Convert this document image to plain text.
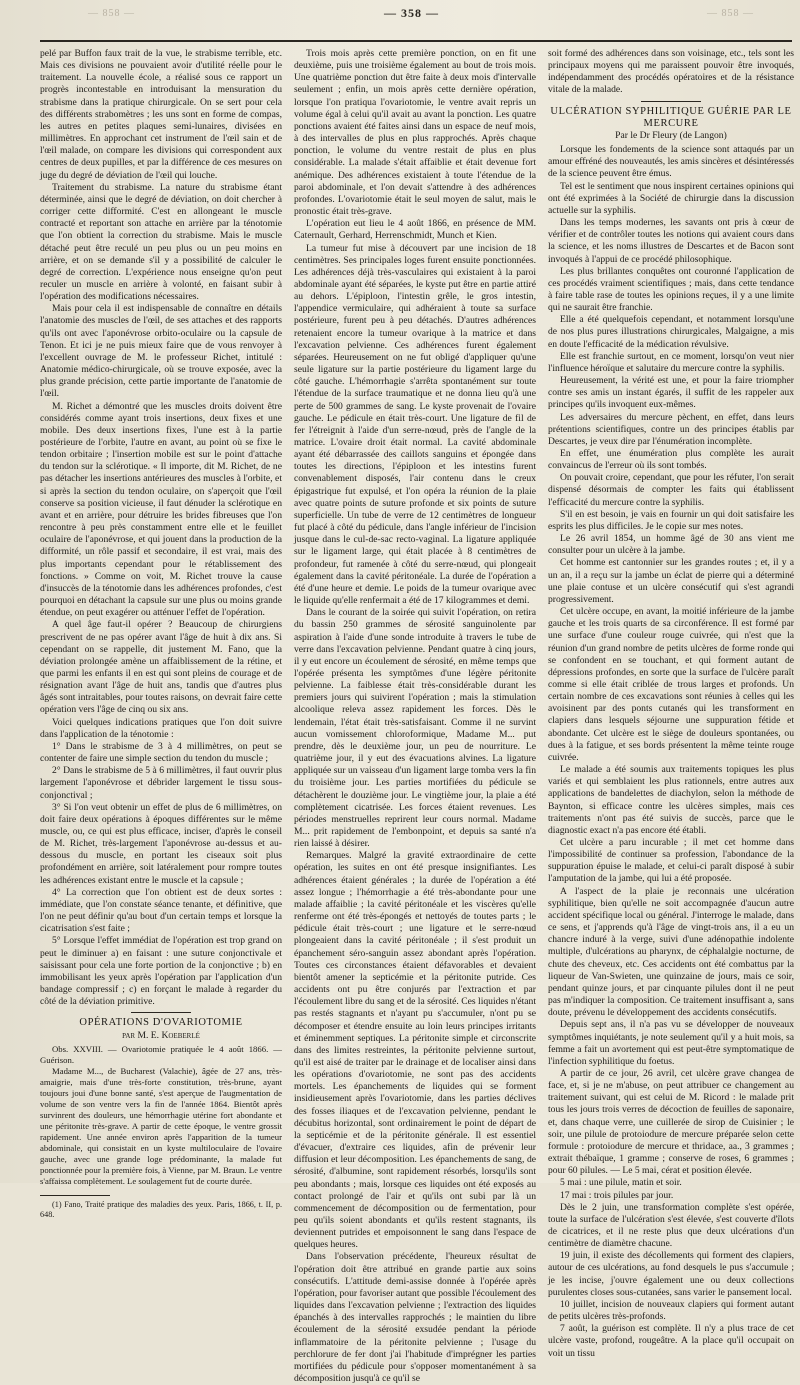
— 858 —	— 358 —	— 858 —

pelé par Buffon faux trait de la vue, le strabisme terrible, etc. Mais ces divisions ne pouvaient avoir d'utilité réelle pour le traitement. La nouvelle école, a réalisé sous ce rapport un progrès incontestable en introduisant la mensuration du strabisme dans la pratique chirurgicale. On se sert pour cela des différents strabomètres ; les uns sont en forme de compas, les autres en petites plaques semi-lunaires, divisées en millimètres. En approchant cet instrument de l'œil sain et de l'œil malade, on compare les divisions qui correspondent aux centres de deux pupilles, et par la différence de ces mesures on juge du degré de déviation de l'œil qui louche.

Traitement du strabisme. La nature du strabisme étant déterminée, ainsi que le degré de déviation, on doit chercher à corriger cette difformité. C'est en allongeant le muscle contracté et reportant son attache en arrière par la ténotomie que l'on obtient la correction du strabisme. Mais le muscle détaché peut être reculé un peu plus ou un peu moins en arrière, et on se demande s'il y a possibilité de calculer le degré de correction. L'expérience nous enseigne qu'on peut reculer un muscle en arrière à volonté, en faisant subir à l'opération des modifications nécessaires.

Mais pour cela il est indispensable de connaître en détails l'anatomie des muscles de l'œil, de ses attaches et des rapports qu'ils ont avec l'aponévrose orbito-oculaire ou la capsule de Tenon. Et ici je ne puis mieux faire que de vous renvoyer à l'excellent ouvrage de M. le professeur Richet, intitulé : Anatomie médico-chirurgicale, où se trouve exposée, avec la plus grande précision, cette partie importante de l'anatomie de l'œil.

M. Richet a démontré que les muscles droits doivent être considérés comme ayant trois insertions, deux fixes et une mobile. Des deux insertions fixes, l'une est à la partie postérieure de l'orbite, l'autre en avant, au point où se fixe le tendon orbitaire ; l'insertion mobile est sur le point d'attache du tendon sur la sclérotique. « Il importe, dit M. Richet, de ne pas détacher les insertions antérieures des muscles à l'orbite, et si après la section du tendon oculaire, on s'aperçoit que l'œil conserve sa position vicieuse, il faut dénuder la sclérotique en avant et en arrière, pour détruire les brides fibreuses que l'on rencontre à peu près constamment entre elle et le feuillet oculaire de l'aponévrose, et qui jouent dans la production de la difformité, un rôle passif et secondaire, il est vrai, mais des plus importants cependant pour le rétablissement des fonctions. » Comme on voit, M. Richet trouve la cause d'insuccès de la ténotomie dans les adhérences profondes, c'est pourquoi en détachant la capsule sur une plus ou moins grande étendue, on peut exagérer ou atténuer l'effet de l'opération.

A quel âge faut-il opérer ? Beaucoup de chirurgiens prescrivent de ne pas opérer avant l'âge de huit à dix ans. Si cependant on se rappelle, dit justement M. Fano, que la déviation prolongée amène un affaiblissement de la rétine, et que parmi les enfants il en est qui sont pleins de courage et de résignation avant l'âge de huit ans, tandis que d'autres plus âgés sont intraitables, pour toutes raisons, on devrait faire cette opération vers l'âge de cinq ou six ans.

Voici quelques indications pratiques que l'on doit suivre dans l'application de la ténotomie :

1° Dans le strabisme de 3 à 4 millimètres, on peut se contenter de faire une simple section du tendon du muscle ;

2° Dans le strabisme de 5 à 6 millimètres, il faut ouvrir plus largement l'aponévrose et débrider largement le tissu sous-conjonctival ;

3° Si l'on veut obtenir un effet de plus de 6 millimètres, on doit faire deux opérations à époques différentes sur le même muscle, ou, ce qui est plus efficace, inciser, d'après le conseil de M. Richet, très-largement l'aponévrose au-dessus et au-dessous du muscle, en portant les ciseaux soit plus profondément en arrière, soit latéralement pour rompre toutes les adhérences existant entre le muscle et la capsule ;

4° La correction que l'on obtient est de deux sortes : immédiate, que l'on constate séance tenante, et définitive, que l'on ne peut définir qu'au bout d'un certain temps et lorsque la cicatrisation s'est faite ;

5° Lorsque l'effet immédiat de l'opération est trop grand on peut le diminuer a) en faisant : une suture conjonctivale et saisissant pour cela une forte portion de la conjonctive ; b) en immobilisant les yeux après l'opération par l'application d'un bandage compressif ; c) en forçant le malade à regarder du côté de la déviation primitive.

OPÉRATIONS D'OVARIOTOMIE
par M. E. Koeberlé

Obs. XXVIII. — Ovariotomie pratiquée le 4 août 1866. — Guérison.

Madame M..., de Bucharest (Valachie), âgée de 27 ans, très-amaigrie, mais d'une très-forte constitution, très-brune, ayant toujours joui d'une bonne santé, s'est aperçue de l'augmentation de volume de son ventre vers la fin de l'année 1864. Bientôt après survinrent des douleurs, une hémorrhagie utérine fort abondante et une péritonite très-grave. A partir de cette époque, le ventre grossit rapidement. Une année environ après l'apparition de la tumeur abdominale, qui consistait en un kyste multiloculaire de l'ovaire gauche, avec une grande loge prédominante, la malade fut ponctionnée pour la première fois, à Vienne, par M. Braun. Le ventre s'affaissa complètement. Le soulagement fut de courte durée.

(1) Fano, Traité pratique des maladies des yeux. Paris, 1866, t. II, p. 648.

Trois mois après cette première ponction, on en fit une deuxième, puis une troisième également au bout de trois mois. Une quatrième ponction dut être faite à deux mois d'intervalle seulement ; enfin, un mois après cette dernière opération, lorsque l'on pratiqua l'ovariotomie, le ventre avait repris un volume égal à celui qu'il avait au avant la ponction. Les quatre ponctions avaient été faites ainsi dans un espace de neuf mois, à des intervalles de plus en plus rapprochés. Après chaque ponction, le volume du ventre restait de plus en plus considérable. La malade s'était affaiblie et était devenue fort anémique. Des adhérences existaient à toute l'étendue de la paroi abdominale, et l'on devait s'attendre à des adhérences profondes. L'ovariotomie était le seul moyen de salut, mais le pronostic était très-grave.

L'opération eut lieu le 4 août 1866, en présence de MM. Caternault, Gerhard, Herrenschmidt, Munch et Kien.

La tumeur fut mise à découvert par une incision de 18 centimètres. Ses principales loges furent ensuite ponctionnées. Les adhérences déjà très-vasculaires qui existaient à la paroi abdominale ayant été séparées, le kyste put être en partie attiré au dehors. L'épiploon, l'intestin grêle, le gros intestin, l'appendice vermiculaire, qui adhéraient à toute sa surface postérieure, furent peu à peu détachés. D'autres adhérences retenaient encore la tumeur ovarique à la matrice et dans l'excavation pelvienne. Ces adhérences furent également séparées. Heureusement on ne fut obligé d'appliquer qu'une seule ligature sur la partie postérieure du ligament large du côté gauche. L'hémorrhagie s'arrêta spontanément sur toute l'étendue de la surface traumatique et ne donna lieu qu'à une perte de 500 grammes de sang. Le kyste provenait de l'ovaire gauche. Le pédicule en était très-court. Une ligature de fil de fer l'étreignit à l'aide d'un serre-nœud, près de l'angle de la matrice. L'ovaire droit était normal. La cavité abdominale ayant été débarrassée des caillots sanguins et épongée dans toutes les directions, l'épiploon et les intestins furent convenablement disposés, l'air contenu dans le creux épigastrique fut expulsé, et l'on opéra la réunion de la plaie avec quatre points de suture profonde et six points de suture superficielle. Un tube de verre de 12 centimètres de longueur fut placé à côté du pédicule, dans l'angle inférieur de l'incision jusque dans le cul-de-sac recto-vaginal. La ligature appliquée sur le ligament large, qui était placée à 8 centimètres de profondeur, fut ramenée à côté du serre-nœud, qui plongeait également dans la cavité péritonéale. La durée de l'opération a été d'une heure et demie. Le poids de la tumeur ovarique avec le liquide qu'elle renfermait a été de 17 kilogrammes et demi.

Dans le courant de la soirée qui suivit l'opération, on retira du bassin 250 grammes de sérosité sanguinolente par aspiration à l'aide d'une sonde introduite à travers le tube de verre dans l'excavation pelvienne. Pendant quatre à cinq jours, il y eut encore un écoulement de sérosité, en même temps que l'opérée présenta les symptômes d'une légère péritonite pelvienne. La faiblesse était très-considérable durant les premiers jours qui suivirent l'opération ; mais la stimulation alcoolique releva assez rapidement les forces. Dès le lendemain, l'état était très-satisfaisant. Comme il ne survint aucun vomissement chloroformique, Madame M... put prendre, dès le deuxième jour, un peu de nourriture. Le quatrième jour, il y eut des évacuations alvines. La ligature appliquée sur un vaisseau d'un ligament large tomba vers la fin du troisième jour. Les parties mortifiées du pédicule se détachèrent le douzième jour. Le vingtième jour, la plaie a été complètement cicatrisée. Les forces étaient revenues. Les périodes menstruelles reprirent leur cours normal. Madame M... prit rapidement de l'embonpoint, et depuis sa santé n'a rien laissé à désirer.

Remarques. Malgré la gravité extraordinaire de cette opération, les suites en ont été presque insignifiantes. Les adhérences étaient générales ; la durée de l'opération a été assez longue ; l'hémorrhagie a été très-abondante pour une malade affaiblie ; la cavité péritonéale et les viscères qu'elle renferme ont été très-épongés et nettoyés de toutes parts ; le pédicule était très-court ; une ligature et le serre-nœud plongeaient dans la cavité péritonéale ; il s'est produit un épanchement séro-sanguin assez abondant après l'opération. Toutes ces circonstances étaient défavorables et devaient bientôt amener la septicémie et la péritonite putride. Ces accidents ont pu être conjurés par l'extraction et par l'écoulement libre du sang et de la sérosité. Ces liquides n'étant pas restés stagnants et n'ayant pu s'accumuler, n'ont pu se décomposer et étendre ensuite au loin leurs principes irritants et éminemment septiques. La péritonite simple et circonscrite dans des limites restreintes, la péritonite pelvienne surtout, qu'il est aisé de traiter par le drainage et de localiser ainsi dans les opérations d'ovariotomie, ne sont pas des accidents mortels. Les épanchements de liquides qui se forment insidieusement après l'ovariotomie, dans les parties déclives des fosses iliaques et de l'excavation pelvienne, pendant le décubitus horizontal, sont ordinairement le point de départ de la septicémie et de la péritonite générale. Il est essentiel d'évacuer, d'extraire ces liquides, afin de prévenir leur diffusion et leur décomposition. Les épanchements de sang, de sérosité, d'albumine, sont rapidement résorbés, lorsqu'ils sont peu abondants ; mais, lorsque ces liquides ont été exposés au contact prolongé de l'air et qu'ils ont subi par là un commencement de décomposition ou de fermentation, pour peu qu'ils soient abondants et qu'ils restent stagnants, ils deviennent putrides et empoisonnent le sang dans l'espace de quelques heures.

Dans l'observation précédente, l'heureux résultat de l'opération doit être attribué en grande partie aux soins consécutifs. L'attitude demi-assise donnée à l'opérée après l'opération, pour favoriser autant que possible l'écoulement des liquides dans l'excavation pelvienne ; l'extraction des liquides épanchés à des intervalles rapprochés ; le maintien du libre écoulement de la sérosité exsudée pendant la période inflammatoire de la péritonite pelvienne ; l'usage du perchlorure de fer dont j'ai l'habitude d'imprégner les parties mortifiées du pédicule pour s'opposer momentanément à sa décomposition jusqu'à ce qu'il se

soit formé des adhérences dans son voisinage, etc., tels sont les principaux moyens qui me paraissent pouvoir être invoqués, indépendamment des procédés opératoires et de la résistance vitale de la malade.

ULCÉRATION SYPHILITIQUE GUÉRIE PAR LE MERCURE
Par le Dr Fleury (de Langon)

Lorsque les fondements de la science sont attaqués par un amour effréné des nouveautés, les amis sincères et désintéressés de la science peuvent être émus.

Tel est le sentiment que nous inspirent certaines opinions qui ont été exprimées à la Société de chirurgie dans la discussion actuelle sur la syphilis.

Dans les temps modernes, les savants ont pris à cœur de vérifier et de contrôler toutes les notions qui avaient cours dans la science, et les noms illustres de Descartes et de Bacon sont invoqués à l'appui de ce procédé philosophique.

Les plus brillantes conquêtes ont couronné l'application de ces procédés vraiment scientifiques ; mais, dans cette tendance à faire table rase de toutes les opinions reçues, il y a une limite qui ne saurait être franchie.

Elle a été quelquefois cependant, et notamment lorsqu'une de nos plus pures illustrations chirurgicales, Malgaigne, a mis en doute l'efficacité de la médication révulsive.

Elle est franchie surtout, en ce moment, lorsqu'on veut nier l'influence héroïque et salutaire du mercure contre la syphilis.

Heureusement, la vérité est une, et pour la faire triompher contre ses amis un instant égarés, il suffit de les rappeler aux principes qu'ils invoquent eux-mêmes.

Les adversaires du mercure pèchent, en effet, dans leurs prétentions scientifiques, contre un des principes établis par Descartes, je veux dire par l'énumération incomplète.

En effet, une énumération plus complète les aurait convaincus de l'erreur où ils sont tombés.

On pouvait croire, cependant, que pour les réfuter, l'on serait dispensé désormais de compter les faits qui établissent l'efficacité du mercure contre la syphilis.

S'il en est besoin, je vais en fournir un qui doit satisfaire les esprits les plus difficiles. Je le copie sur mes notes.

Le 26 avril 1854, un homme âgé de 30 ans vient me consulter pour un ulcère à la jambe.

Cet homme est cantonnier sur les grandes routes ; et, il y a un an, il a reçu sur la jambe un éclat de pierre qui a déterminé une plaie contuse et un ulcère consécutif qui s'est agrandi progressivement.

Cet ulcère occupe, en avant, la moitié inférieure de la jambe gauche et les trois quarts de sa circonférence. Il est formé par une surface d'une couleur rouge cuivrée, qui n'est que la réunion d'un grand nombre de petits ulcères de forme ronde qui se confondent en se touchant, et qui forment autant de dépressions profondes, en sorte que la surface de l'ulcère paraît comme si elle était criblée de trous larges et profonds. Un certain nombre de ces excavations sont réunies à celles qui les avoisinent par des ponts cutanés qui les transforment en clapiers dans lesquels séjourne une suppuration fétide et abondante. Cet ulcère est le siège de douleurs spontanées, ou dues à la fatigue, et ses bords présentent la même teinte rouge cuivrée.

Le malade a été soumis aux traitements topiques les plus variés et qui semblaient les plus rationnels, entre autres aux applications de bandelettes de diachylon, selon la méthode de Baynton, si efficace contre les ulcères simples, mais ces traitements n'ont pas été suivis de succès, parce que le diagnostic exact n'a pas encore été établi.

Cet ulcère a paru incurable ; il met cet homme dans l'impossibilité de continuer sa profession, l'abondance de la suppuration épuise le malade, et celui-ci paraît disposé à subir l'amputation de la jambe, qui lui a été proposée.

A l'aspect de la plaie je reconnais une ulcération syphilitique, bien qu'elle ne soit accompagnée d'aucun autre accident spécifique local ou général. J'interroge le malade, dans ce sens, et j'apprends qu'à l'âge de vingt-trois ans, il a eu un chancre induré à la verge, suivi d'une adénopathie indolente multiple, d'ulcérations au pharynx, de céphalalgie nocturne, de chute des cheveux, etc. Ces accidents ont été combattus par la liqueur de Van-Swieten, une quinzaine de jours, mais ce soir, pendant quinze jours, et par cinquante pilules dont il ne peut pas m'indiquer la composition. Ce traitement insuffisant a, sans doute, prévenu le développement des accidents consécutifs.

Depuis sept ans, il n'a pas vu se développer de nouveaux symptômes inquiétants, je note seulement qu'il y a huit mois, sa femme a fait un avortement qui est peut-être symptomatique de l'infection syphilitique du foetus.

A partir de ce jour, 26 avril, cet ulcère grave changea de face, et, si je ne m'abuse, on peut attribuer ce changement au traitement suivant, qui est celui de M. Ricord : le malade prit tous les jours trois verres de décoction de feuilles de saponaire, et, dans chaque verre, une cuillerée de sirop de Cuisinier ; le soir, une pilule de protoiodure de mercure préparée selon cette formule : protoiodure de mercure et thridace, aa., 3 grammes ; extrait thébaïque, 1 gramme ; conserve de roses, 6 grammes ; pour 60 pilules. — Le 5 mai, cérat et position élevée.

5 mai : une pilule, matin et soir.

17 mai : trois pilules par jour.

Dès le 2 juin, une transformation complète s'est opérée, toute la surface de l'ulcération s'est élevée, s'est couverte d'îlots de cicatrices, et il ne reste plus que deux ulcérations d'un centimètre de diamètre chacune.

19 juin, il existe des décollements qui forment des clapiers, autour de ces ulcérations, au fond desquels le pus s'accumule ; je les incise, j'ouvre également une ou deux collections purulentes closes sous-cutanées, sans varier le pansement local.

10 juillet, incision de nouveaux clapiers qui forment autant de petits ulcères très-profonds.

7 août, la guérison est complète. Il n'y a plus trace de cet ulcère vaste, profond, rougeâtre. A la place qu'il occupait on voit un tissu
